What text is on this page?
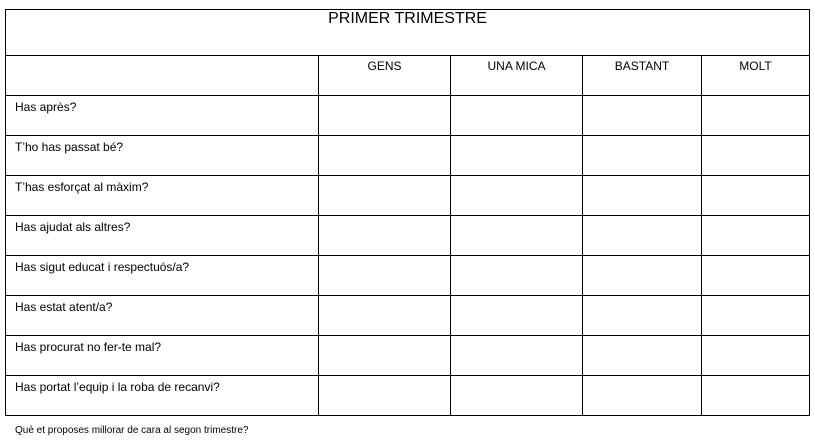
PRIMER TRIMESTRE				
	GENS	UNA MICA	BASTANT	MOLT
Has après?				
T’ho has passat bé?				
T’has esforçat al màxim?				
Has ajudat als altres?				
Has sigut educat i respectuós/a?				
Has estat atent/a?				
Has procurat no fer-te mal?				
Has portat l’equip i la roba de recanvi?				
Què et proposes millorar de cara al segon trimestre?
